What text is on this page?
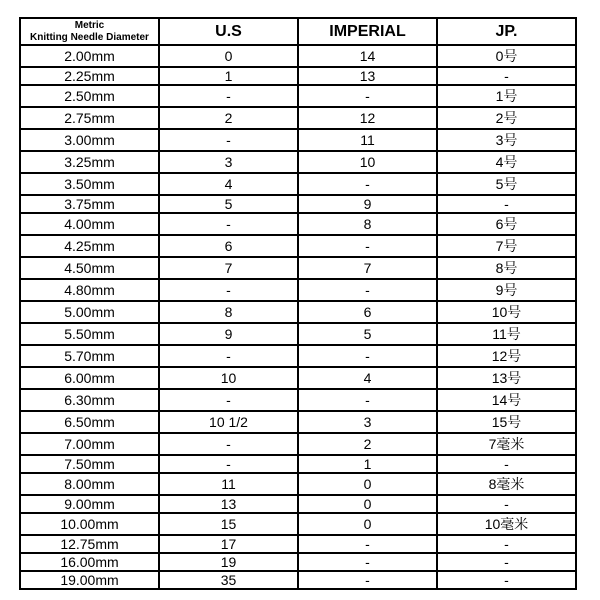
Metric
Knitting Needle Diameter	U.S	IMPERIAL	JP.
2.00mm	0	14	0号
2.25mm	1	13	-
2.50mm	-	-	1号
2.75mm	2	12	2号
3.00mm	-	11	3号
3.25mm	3	10	4号
3.50mm	4	-	5号
3.75mm	5	9	-
4.00mm	-	8	6号
4.25mm	6	-	7号
4.50mm	7	7	8号
4.80mm	-	-	9号
5.00mm	8	6	10号
5.50mm	9	5	11号
5.70mm	-	-	12号
6.00mm	10	4	13号
6.30mm	-	-	14号
6.50mm	10 1/2	3	15号
7.00mm	-	2	7毫米
7.50mm	-	1	-
8.00mm	11	0	8毫米
9.00mm	13	0	-
10.00mm	15	0	10毫米
12.75mm	17	-	-
16.00mm	19	-	-
19.00mm	35	-	-
